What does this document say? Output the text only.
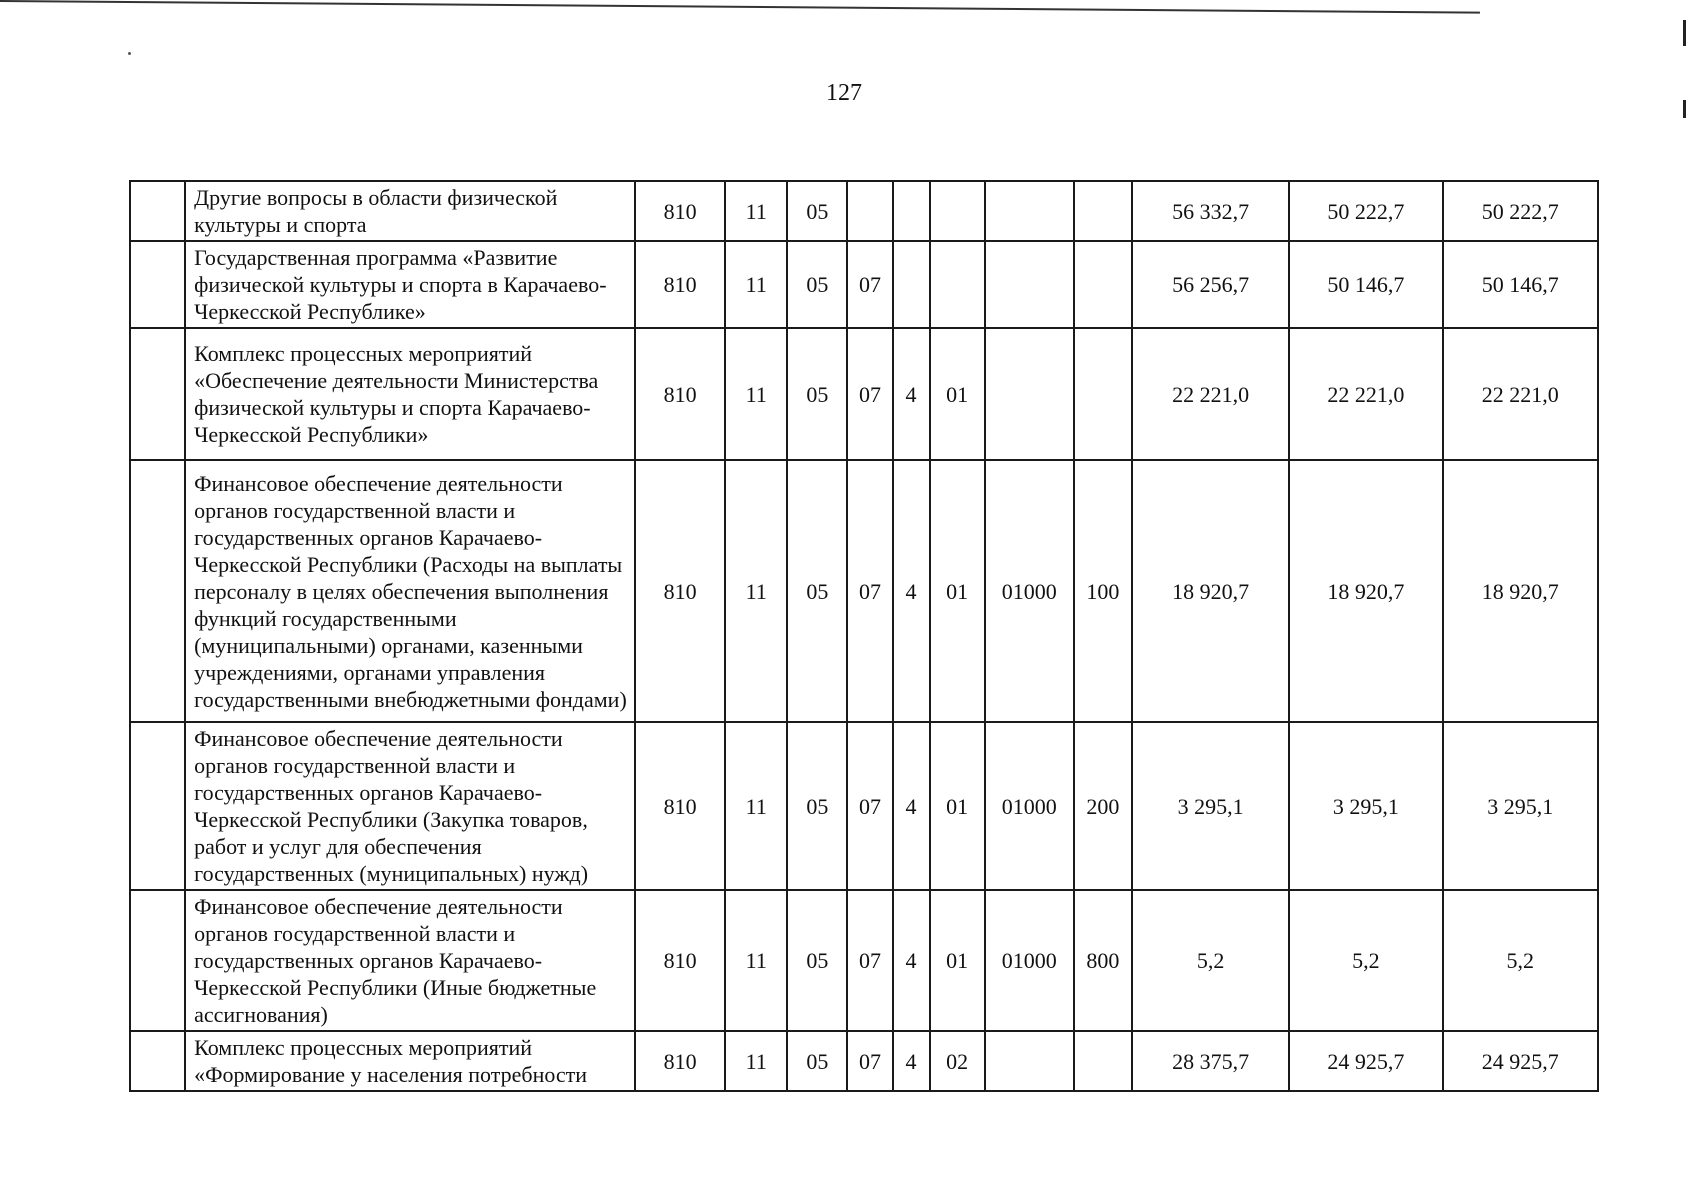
127
	Другие вопросы в области физической культуры и спорта	810	11	05						56 332,7	50 222,7	50 222,7
	Государственная программа «Развитие физической культуры и спорта в Карачаево-Черкесской Республике»	810	11	05	07					56 256,7	50 146,7	50 146,7
	Комплекс процессных мероприятий «Обеспечение деятельности Министерства физической культуры и спорта Карачаево-Черкесской Республики»	810	11	05	07	4	01			22 221,0	22 221,0	22 221,0
	Финансовое обеспечение деятельности органов государственной власти и государственных органов Карачаево-Черкесской Республики (Расходы на выплаты персоналу в целях обеспечения выполнения функций государственными (муниципальными) органами, казенными учреждениями, органами управления государственными внебюджетными фондами)	810	11	05	07	4	01	01000	100	18 920,7	18 920,7	18 920,7
	Финансовое обеспечение деятельности органов государственной власти и государственных органов Карачаево-Черкесской Республики (Закупка товаров, работ и услуг для обеспечения государственных (муниципальных) нужд)	810	11	05	07	4	01	01000	200	3 295,1	3 295,1	3 295,1
	Финансовое обеспечение деятельности органов государственной власти и государственных органов Карачаево-Черкесской Республики (Иные бюджетные ассигнования)	810	11	05	07	4	01	01000	800	5,2	5,2	5,2
	Комплекс процессных мероприятий «Формирование у населения потребности	810	11	05	07	4	02			28 375,7	24 925,7	24 925,7
